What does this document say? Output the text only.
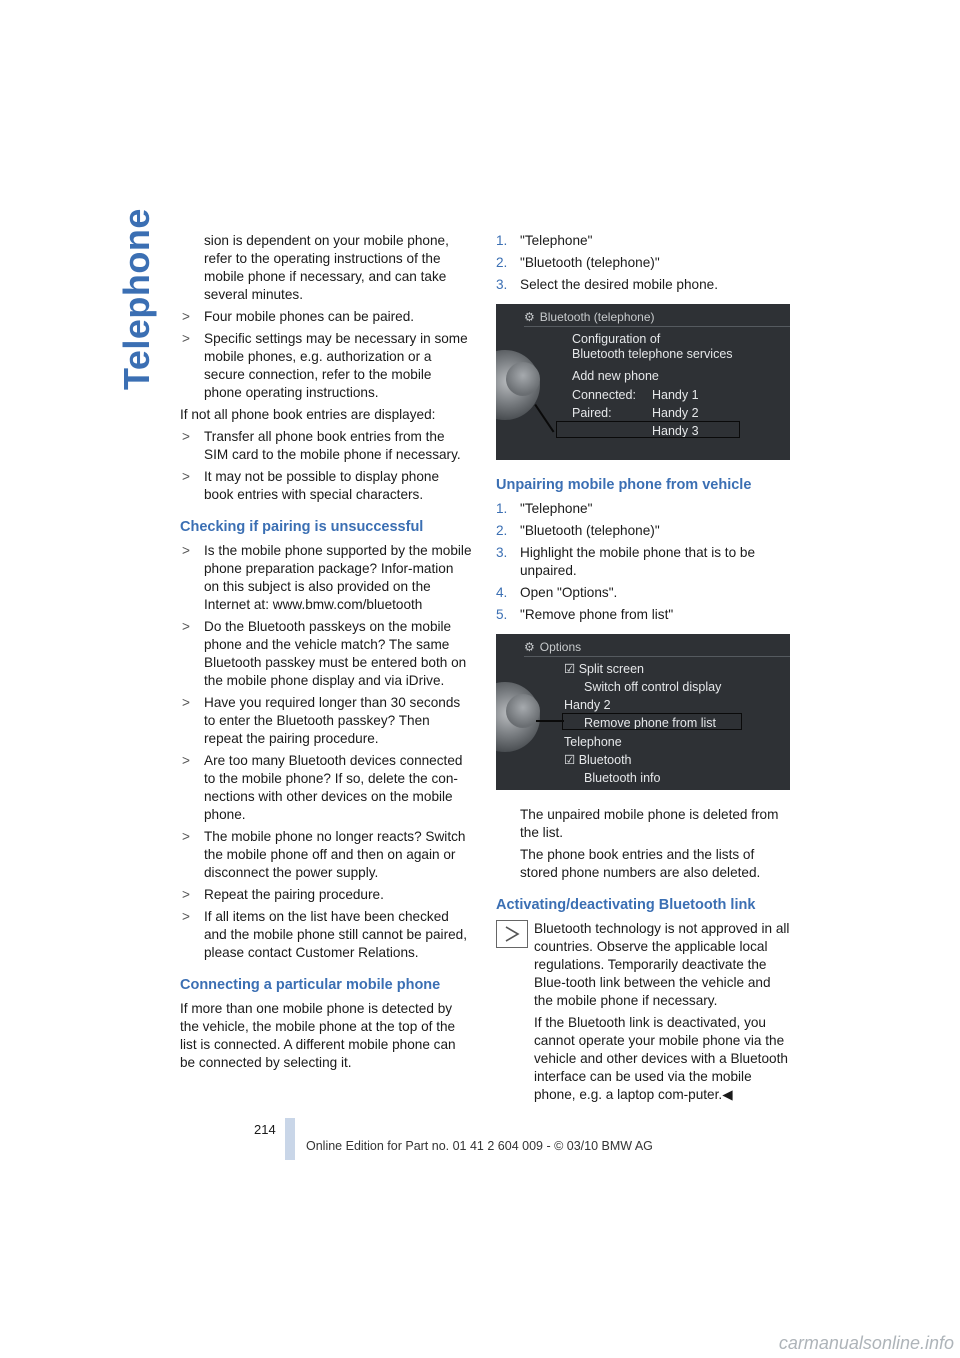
Telephone	sion is dependent on your mobile phone, refer to the operating instructions of the mobile phone if necessary, and can take several minutes.

> Four mobile phones can be paired.
> Specific settings may be necessary in some mobile phones, e.g. authorization or a secure connection, refer to the mobile phone operating instructions.

If not all phone book entries are displayed:

> Transfer all phone book entries from the SIM card to the mobile phone if necessary.
> It may not be possible to display phone book entries with special characters.
Checking if pairing is unsuccessful
> Is the mobile phone supported by the mobile phone preparation package? Infor-mation on this subject is also provided on the Internet at: www.bmw.com/bluetooth
> Do the Bluetooth passkeys on the mobile phone and the vehicle match? The same Bluetooth passkey must be entered both on the mobile phone display and via iDrive.
> Have you required longer than 30 seconds to enter the Bluetooth passkey? Then repeat the pairing procedure.
> Are too many Bluetooth devices connected to the mobile phone? If so, delete the con-nections with other devices on the mobile phone.
> The mobile phone no longer reacts? Switch the mobile phone off and then on again or disconnect the power supply.
> Repeat the pairing procedure.
> If all items on the list have been checked and the mobile phone still cannot be paired, please contact Customer Relations.
Connecting a particular mobile phone

If more than one mobile phone is detected by the vehicle, the mobile phone at the top of the list is connected. A different mobile phone can be connected by selecting it.

1. "Telephone"
2. "Bluetooth (telephone)"
3. Select the desired mobile phone.
⚙ Bluetooth (telephone)
Configuration of
Bluetooth telephone services
Add new phone
Connected: Handy 1
Paired:	Handy 2
Handy 3
Unpairing mobile phone from vehicle
1. "Telephone"
2. "Bluetooth (telephone)"
3. Highlight the mobile phone that is to be unpaired.
4. Open "Options".
5. "Remove phone from list"
⚙ Options
☑ Split screen
Switch off control display
Handy 2
Remove phone from list
Telephone
☑ Bluetooth
Bluetooth info

The unpaired mobile phone is deleted from the list.

The phone book entries and the lists of stored phone numbers are also deleted.

Activating/deactivating Bluetooth link

Bluetooth technology is not approved in all countries. Observe the applicable local regulations. Temporarily deactivate the Blue-tooth link between the vehicle and the mobile phone if necessary.

If the Bluetooth link is deactivated, you cannot operate your mobile phone via the vehicle and other devices with a Bluetooth interface can be used via the mobile phone, e.g. a laptop com-puter.◀

214
Online Edition for Part no. 01 41 2 604 009 - © 03/10 BMW AG
carmanualsonline.info
